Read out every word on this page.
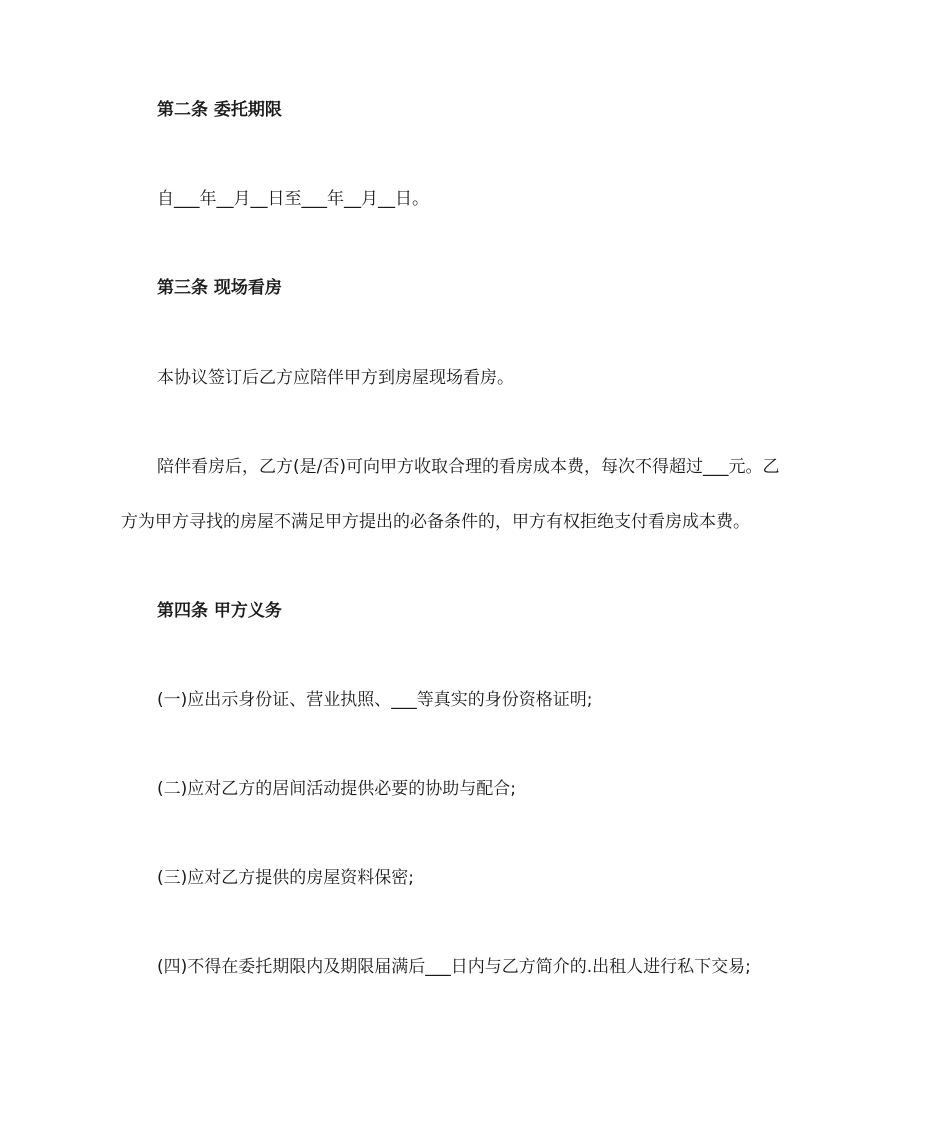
第二条 委托期限
自___年__月__日至___年__月__日。
第三条 现场看房
本协议签订后乙方应陪伴甲方到房屋现场看房。
陪伴看房后，乙方(是/否)可向甲方收取合理的看房成本费，每次不得超过___元。乙
方为甲方寻找的房屋不满足甲方提出的必备条件的，甲方有权拒绝支付看房成本费。
第四条 甲方义务
(一)应出示身份证、营业执照、___等真实的身份资格证明;
(二)应对乙方的居间活动提供必要的协助与配合;
(三)应对乙方提供的房屋资料保密;
(四)不得在委托期限内及期限届满后___日内与乙方简介的.出租人进行私下交易;
